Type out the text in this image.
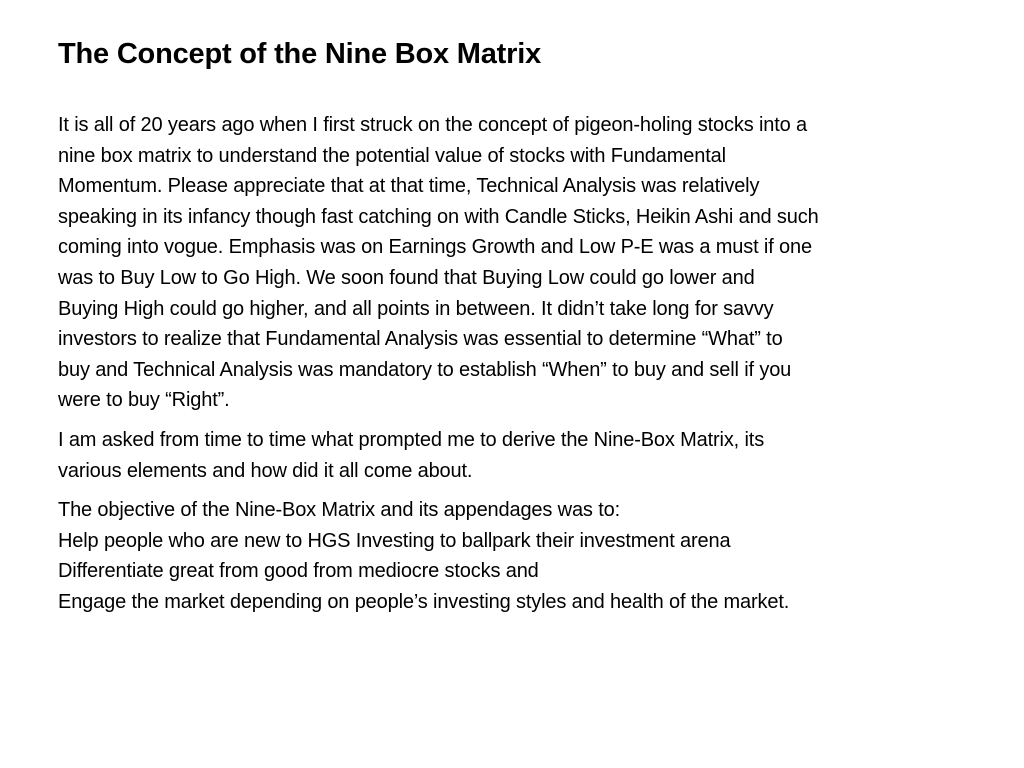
The Concept of the Nine Box Matrix

It is all of 20 years ago when I first struck on the concept of pigeon-holing stocks into a
nine box matrix to understand the potential value of stocks with Fundamental
Momentum. Please appreciate that at that time, Technical Analysis was relatively
speaking in its infancy though fast catching on with Candle Sticks, Heikin Ashi and such
coming into vogue. Emphasis was on Earnings Growth and Low P-E was a must if one
was to Buy Low to Go High. We soon found that Buying Low could go lower and
Buying High could go higher, and all points in between. It didn’t take long for savvy
investors to realize that Fundamental Analysis was essential to determine “What” to
buy and Technical Analysis was mandatory to establish “When” to buy and sell if you
were to buy “Right”.

I am asked from time to time what prompted me to derive the Nine-Box Matrix, its
various elements and how did it all come about.

The objective of the Nine-Box Matrix and its appendages was to:
Help people who are new to HGS Investing to ballpark their investment arena
Differentiate great from good from mediocre stocks and
Engage the market depending on people’s investing styles and health of the market.
